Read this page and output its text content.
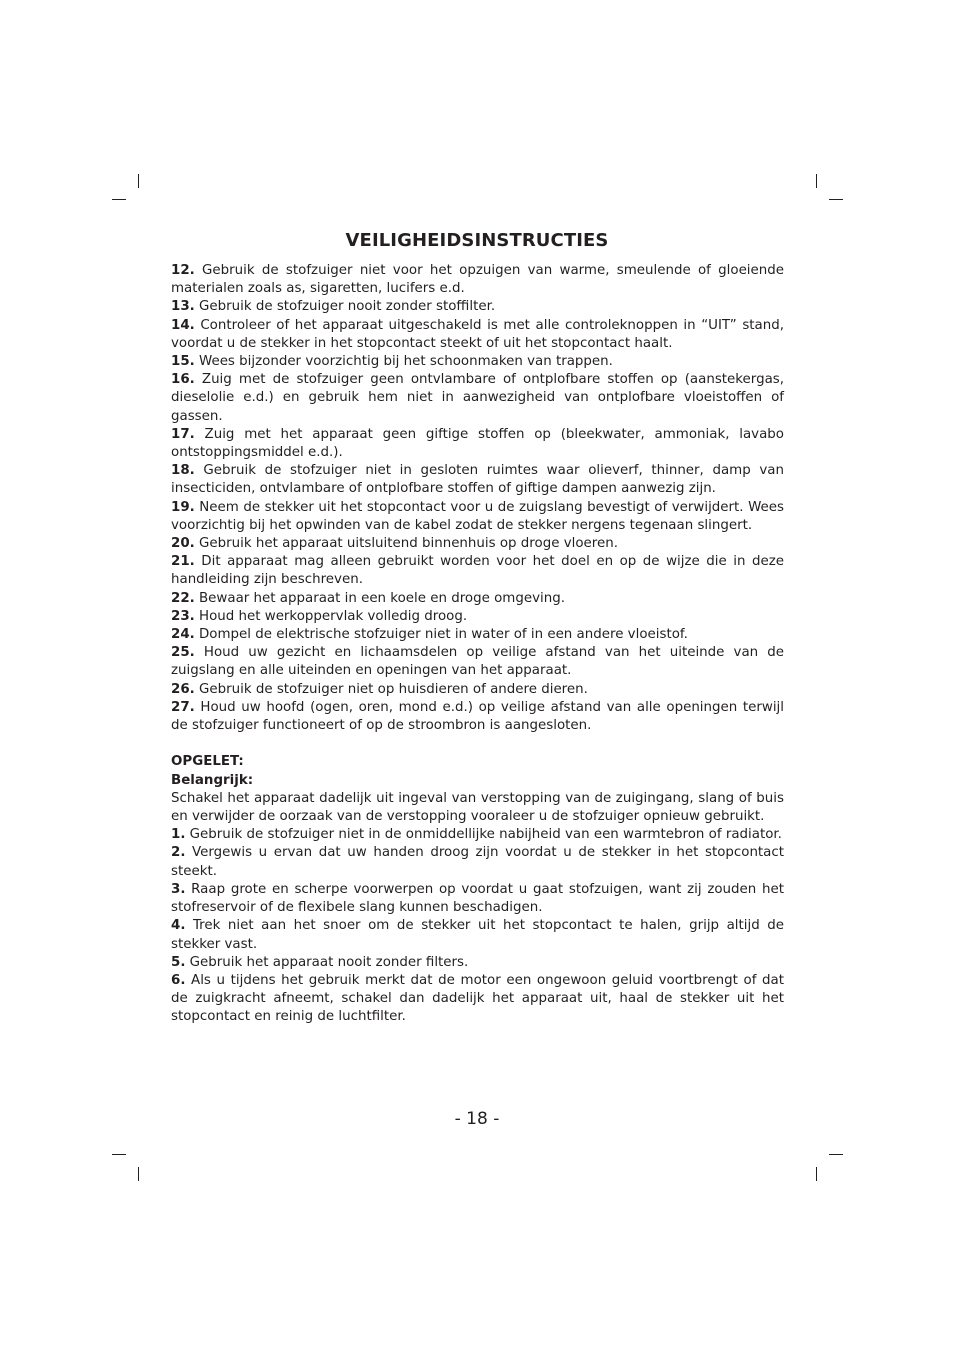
VEILIGHEIDSINSTRUCTIES

12. Gebruik de stofzuiger niet voor het opzuigen van warme, smeulende of gloeiende materialen zoals as, sigaretten, lucifers e.d.

13. Gebruik de stofzuiger nooit zonder stoffilter.

14. Controleer of het apparaat uitgeschakeld is met alle controleknoppen in “UIT” stand, voordat u de stekker in het stopcontact steekt of uit het stopcontact haalt.

15. Wees bijzonder voorzichtig bij het schoonmaken van trappen.

16. Zuig met de stofzuiger geen ontvlambare of ontplofbare stoffen op (aanstekergas, dieselolie e.d.) en gebruik hem niet in aanwezigheid van ontplofbare vloeistoffen of gassen.

17. Zuig met het apparaat geen giftige stoffen op (bleekwater, ammoniak, lavabo ontstoppingsmiddel e.d.).

18. Gebruik de stofzuiger niet in gesloten ruimtes waar olieverf, thinner, damp van insecticiden, ontvlambare of ontplofbare stoffen of giftige dampen aanwezig zijn.

19. Neem de stekker uit het stopcontact voor u de zuigslang bevestigt of verwijdert. Wees voorzichtig bij het opwinden van de kabel zodat de stekker nergens tegenaan slingert.

20. Gebruik het apparaat uitsluitend binnenhuis op droge vloeren.

21. Dit apparaat mag alleen gebruikt worden voor het doel en op de wijze die in deze handleiding zijn beschreven.

22. Bewaar het apparaat in een koele en droge omgeving.

23. Houd het werkoppervlak volledig droog.

24. Dompel de elektrische stofzuiger niet in water of in een andere vloeistof.

25. Houd uw gezicht en lichaamsdelen op veilige afstand van het uiteinde van de zuigslang en alle uiteinden en openingen van het apparaat.

26. Gebruik de stofzuiger niet op huisdieren of andere dieren.

27. Houd uw hoofd (ogen, oren, mond e.d.) op veilige afstand van alle openingen terwijl de stofzuiger functioneert of op de stroombron is aangesloten.

OPGELET:

Belangrijk:

Schakel het apparaat dadelijk uit ingeval van verstopping van de zuigingang, slang of buis en verwijder de oorzaak van de verstopping vooraleer u de stofzuiger opnieuw gebruikt.

1. Gebruik de stofzuiger niet in de onmiddellijke nabijheid van een warmtebron of radiator.

2. Vergewis u ervan dat uw handen droog zijn voordat u de stekker in het stopcontact steekt.

3. Raap grote en scherpe voorwerpen op voordat u gaat stofzuigen, want zij zouden het stofreservoir of de flexibele slang kunnen beschadigen.

4. Trek niet aan het snoer om de stekker uit het stopcontact te halen, grijp altijd de stekker vast.

5. Gebruik het apparaat nooit zonder filters.

6. Als u tijdens het gebruik merkt dat de motor een ongewoon geluid voortbrengt of dat de zuigkracht afneemt, schakel dan dadelijk het apparaat uit, haal de stekker uit het stopcontact en reinig de luchtfilter.

- 18 -
